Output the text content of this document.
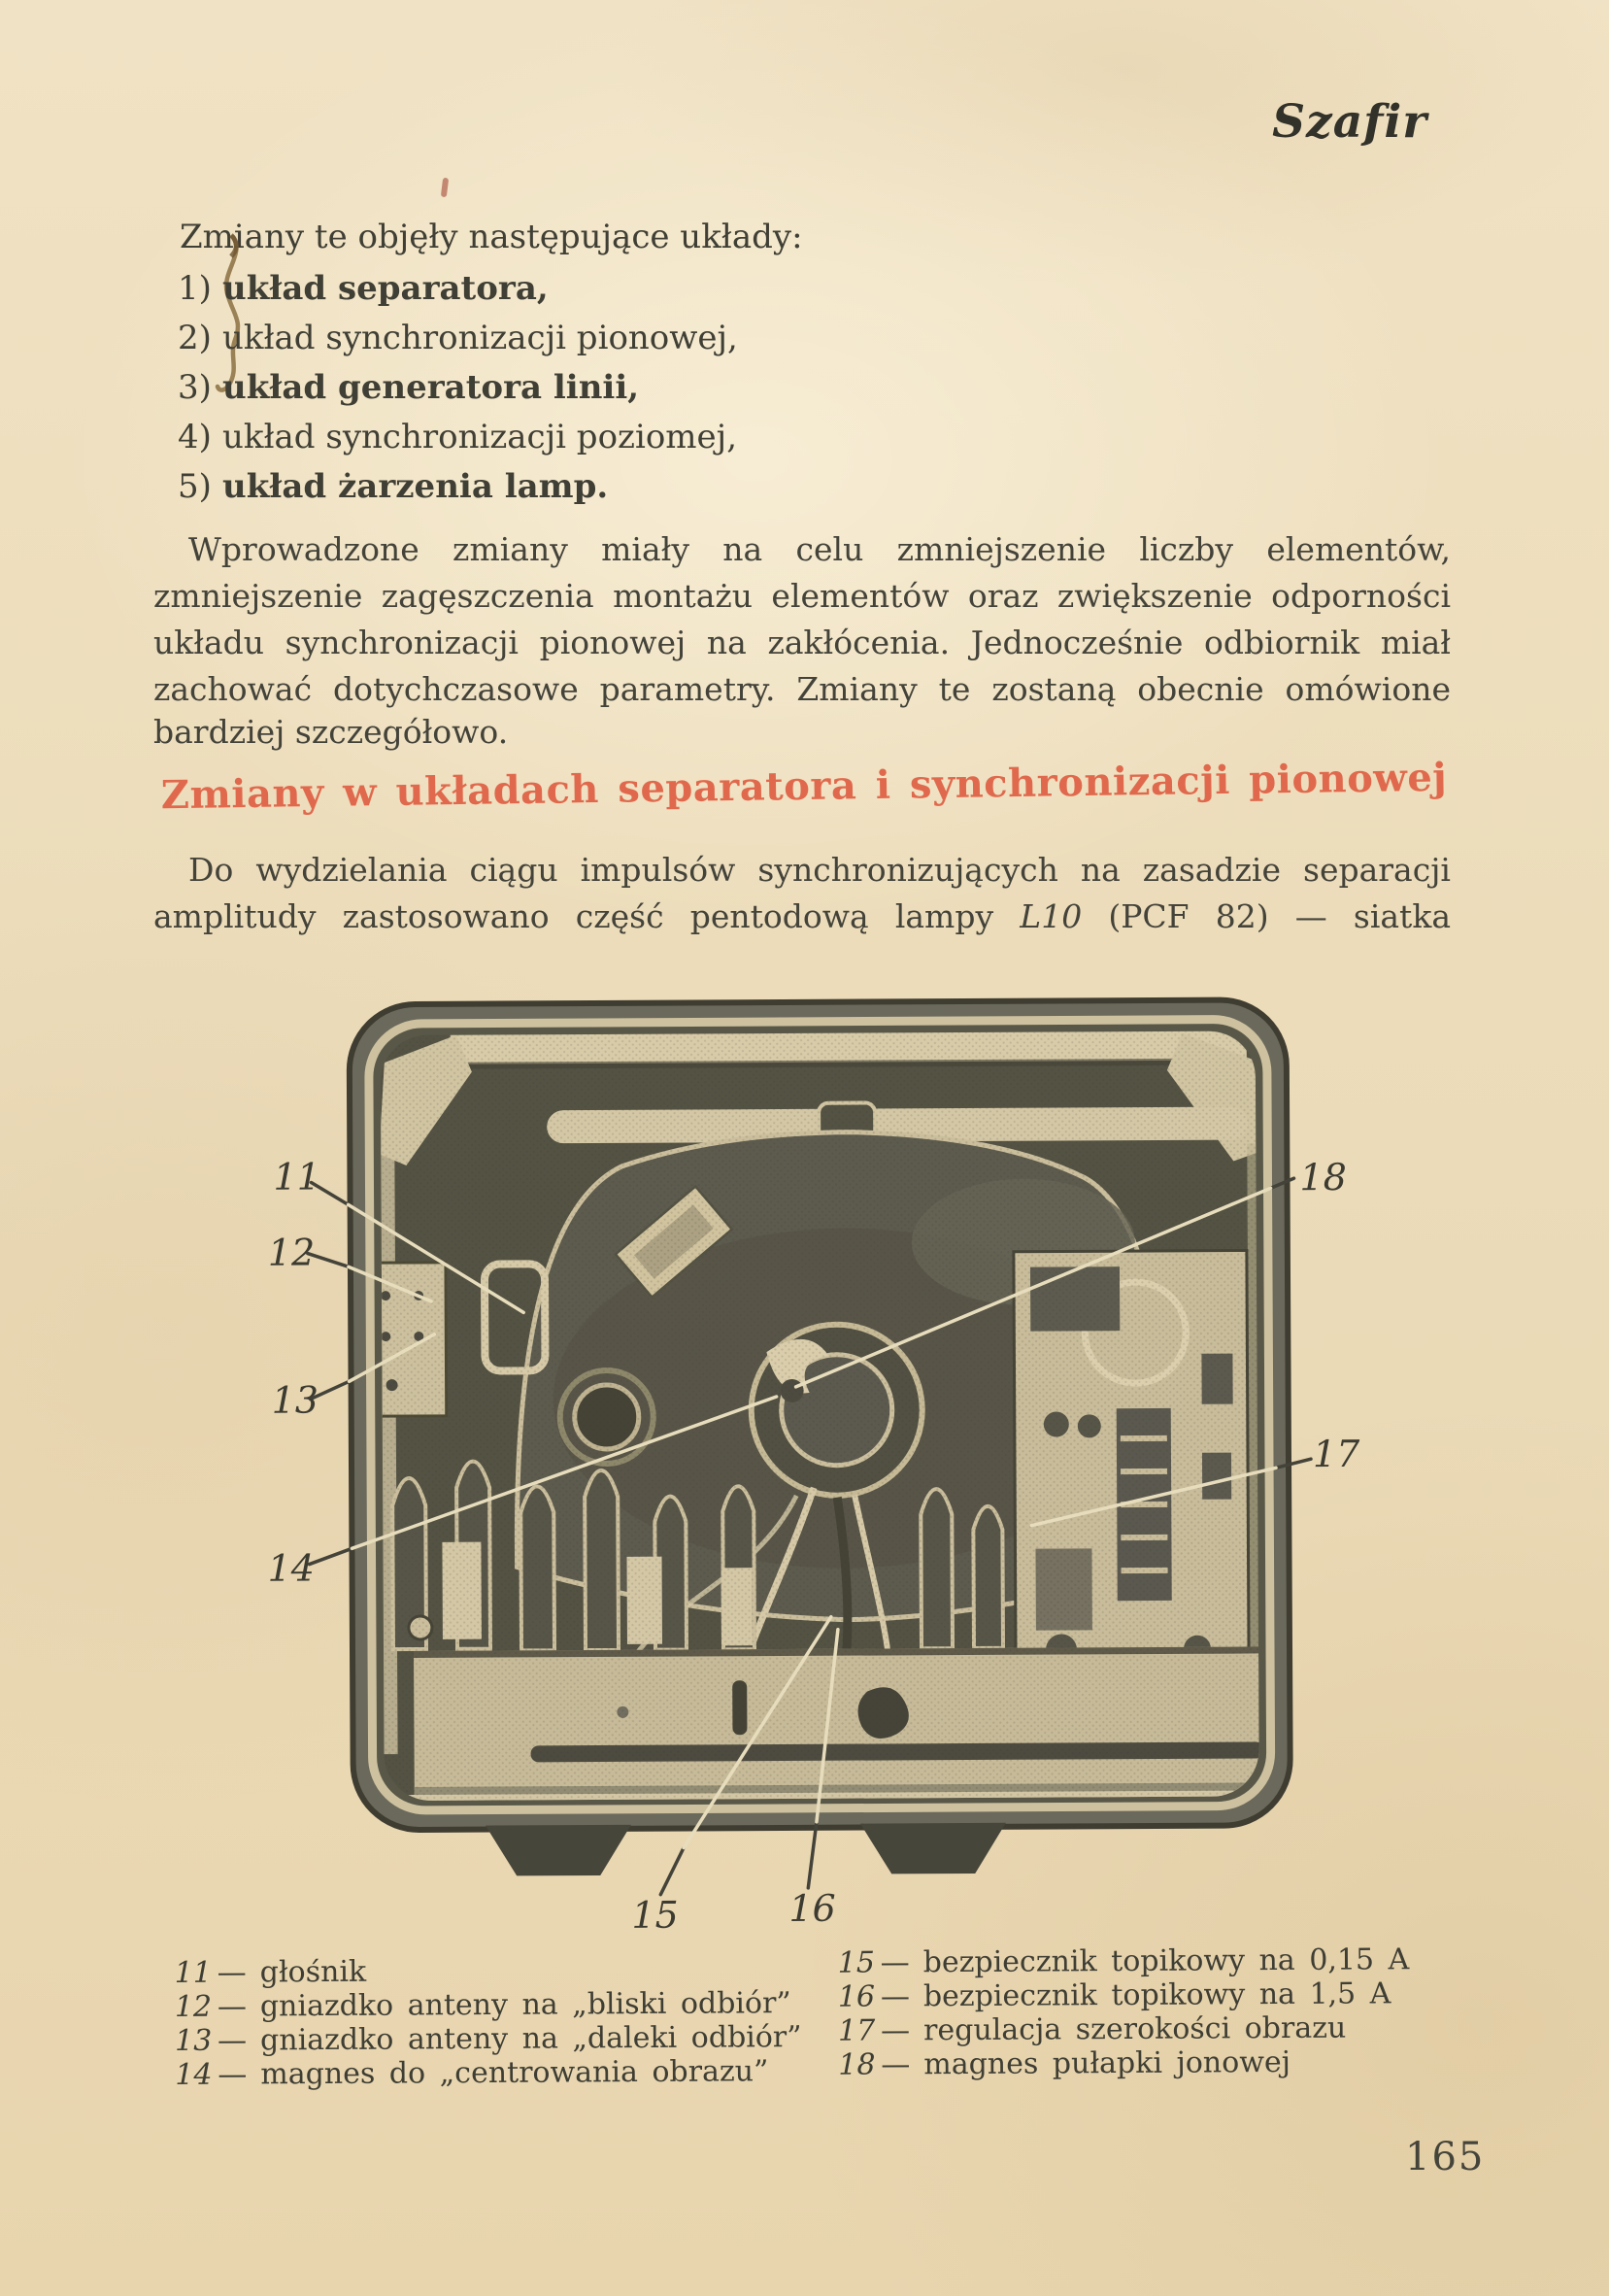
Szafir
Zmiany te objęły następujące układy:
1) układ separatora,
2) układ synchronizacji pionowej,
3) układ generatora linii,
4) układ synchronizacji poziomej,
5) układ żarzenia lamp.
Wprowadzone zmiany miały na celu zmniejszenie liczby elementów,
zmniejszenie zagęszczenia montażu elementów oraz zwiększenie odporności
układu synchronizacji pionowej na zakłócenia. Jednocześnie odbiornik miał
zachować dotychczasowe parametry. Zmiany te zostaną obecnie omówione
bardziej szczegółowo.
Zmiany w układach separatora i synchronizacji pionowej
Do wydzielania ciągu impulsów synchronizujących na zasadzie separacji
amplitudy zastosowano część pentodową lampy L10 (PCF 82) — siatka
11
12
13
14
15	16
17
18
11 — głośnik
12 — gniazdko anteny na „bliski odbiór”
13 — gniazdko anteny na „daleki odbiór”
14 — magnes do „centrowania obrazu”
15 — bezpiecznik topikowy na 0,15 A
16 — bezpiecznik topikowy na 1,5 A
17 — regulacja szerokości obrazu
18 — magnes pułapki jonowej
165
